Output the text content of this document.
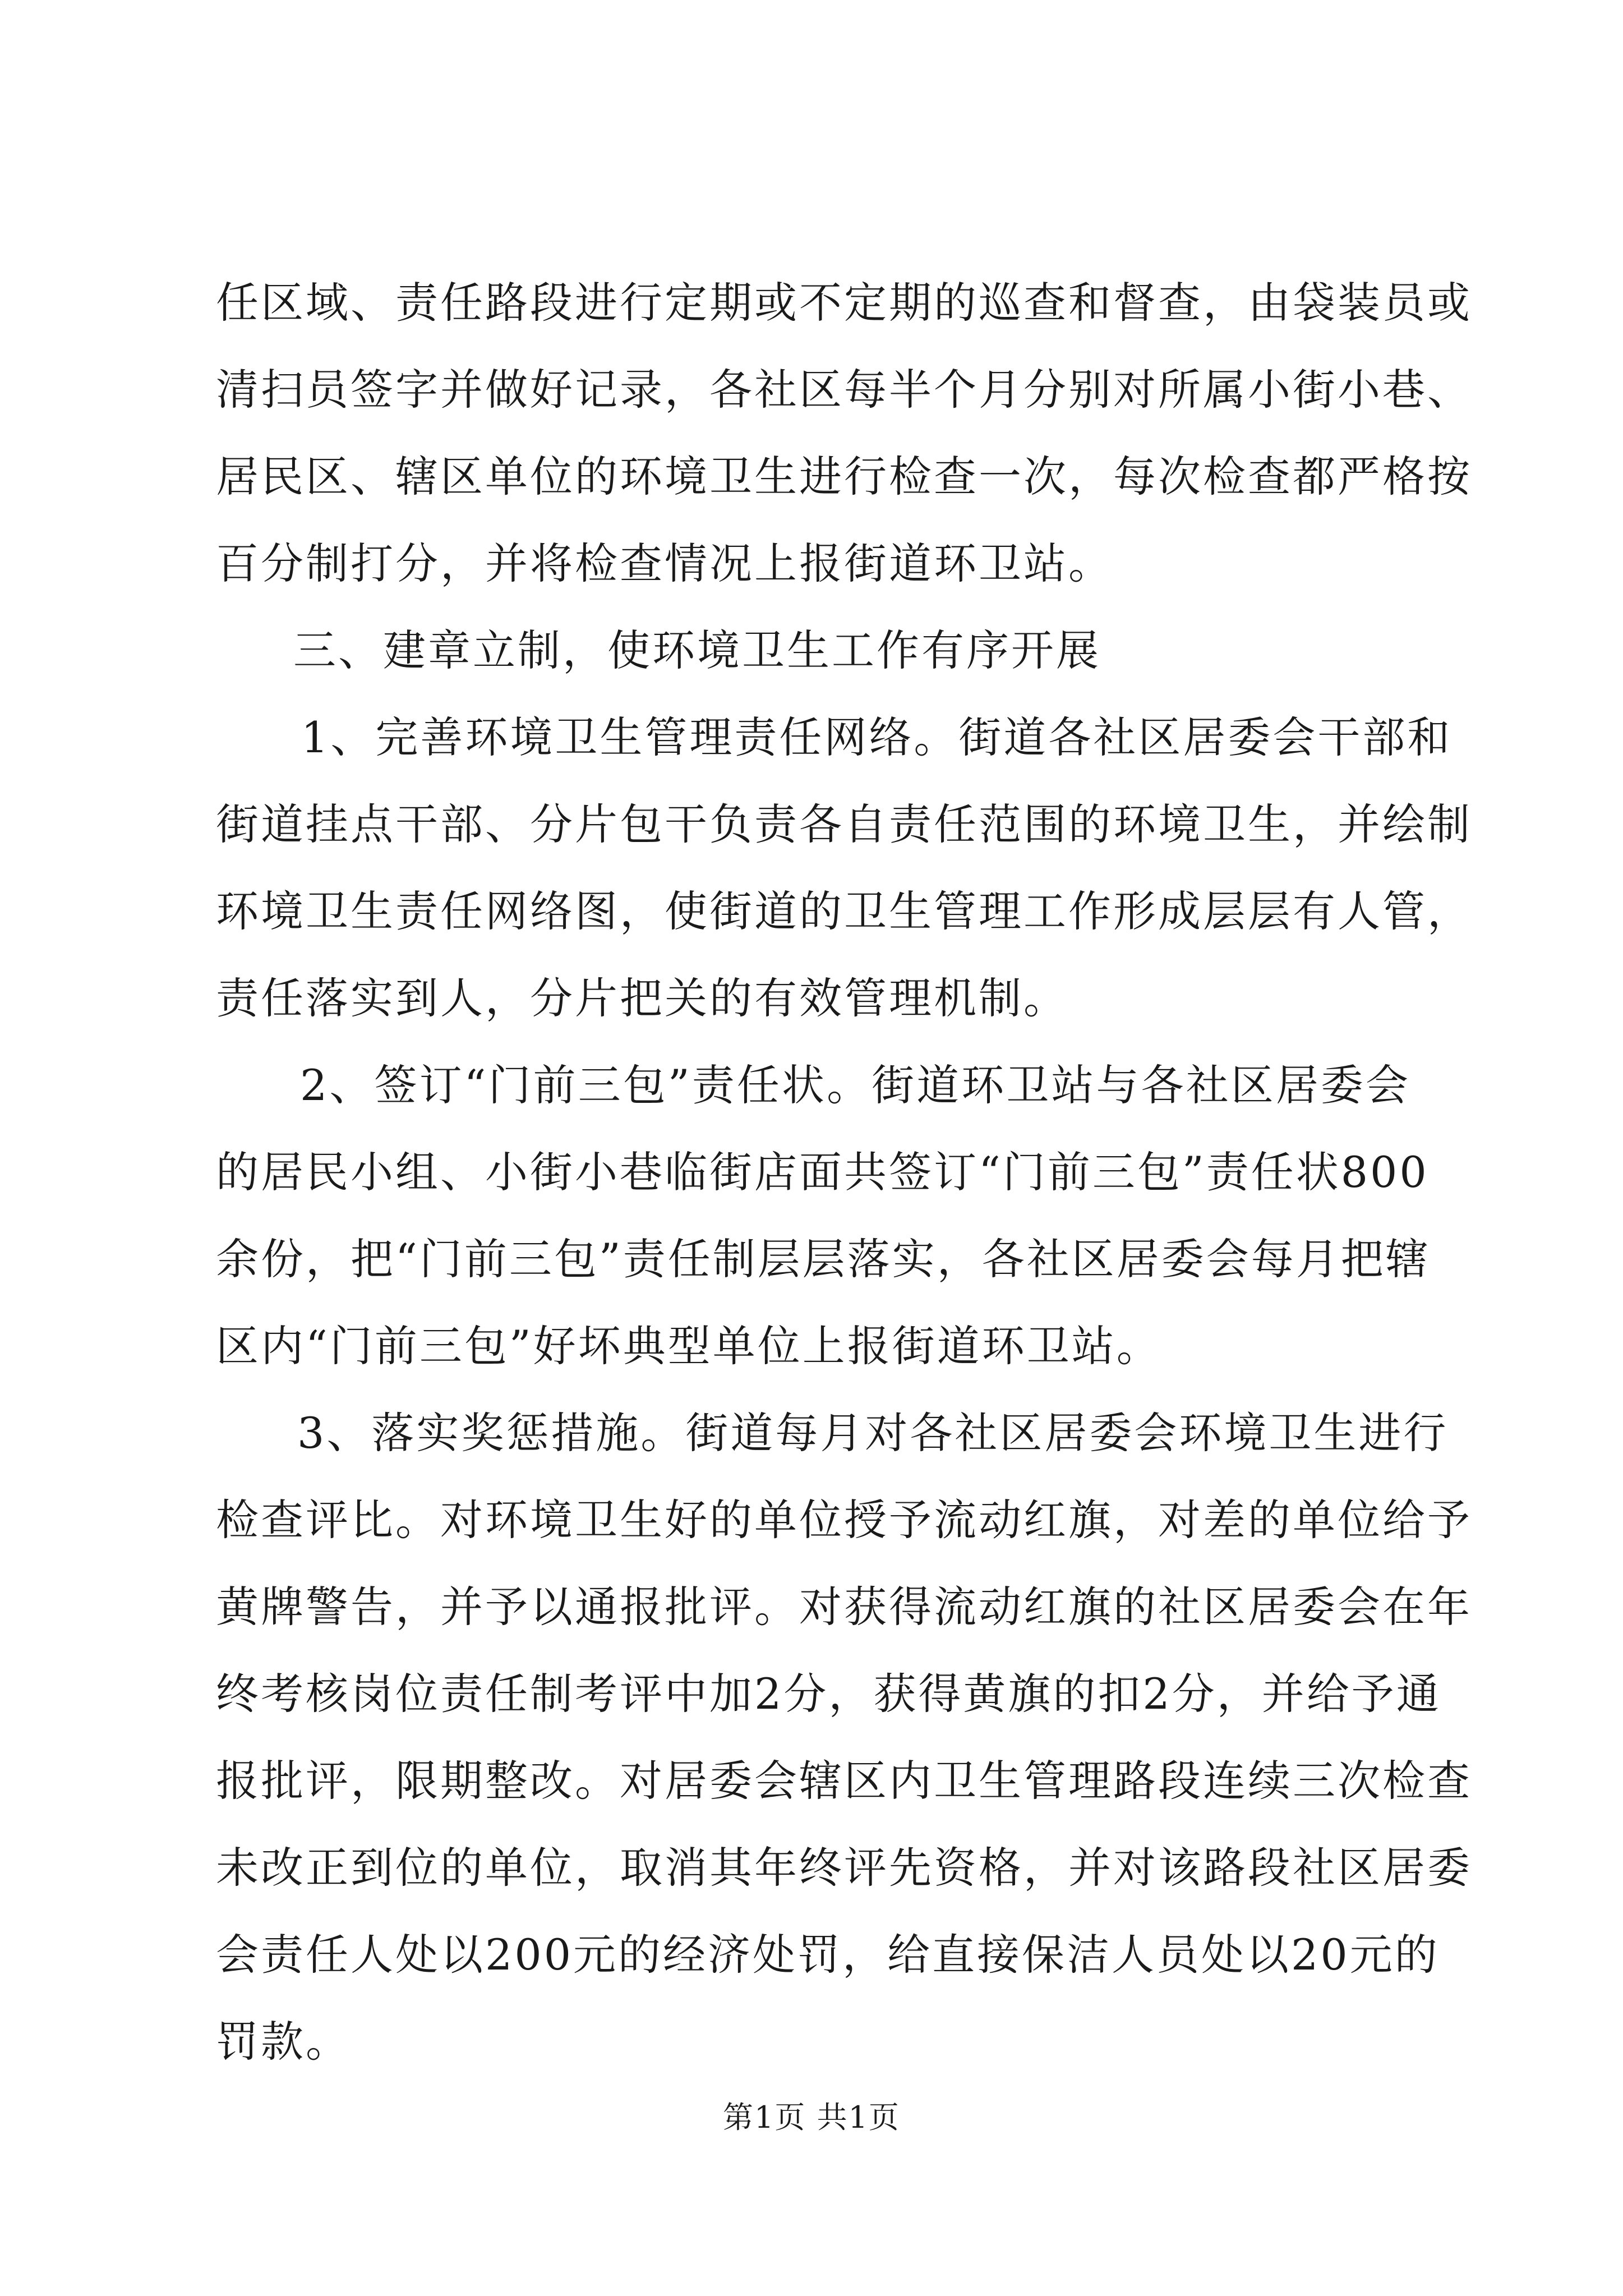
任区域、责任路段进行定期或不定期的巡查和督查，由袋装员或
清扫员签字并做好记录，各社区每半个月分别对所属小街小巷、
居民区、辖区单位的环境卫生进行检查一次，每次检查都严格按
百分制打分，并将检查情况上报街道环卫站。
三、建章立制，使环境卫生工作有序开展
1、完善环境卫生管理责任网络。街道各社区居委会干部和
街道挂点干部、分片包干负责各自责任范围的环境卫生，并绘制
环境卫生责任网络图，使街道的卫生管理工作形成层层有人管，
责任落实到人，分片把关的有效管理机制。
2、签订“门前三包”责任状。街道环卫站与各社区居委会
的居民小组、小街小巷临街店面共签订“门前三包”责任状800
余份，把“门前三包”责任制层层落实，各社区居委会每月把辖
区内“门前三包”好坏典型单位上报街道环卫站。
3、落实奖惩措施。街道每月对各社区居委会环境卫生进行
检查评比。对环境卫生好的单位授予流动红旗，对差的单位给予
黄牌警告，并予以通报批评。对获得流动红旗的社区居委会在年
终考核岗位责任制考评中加2分，获得黄旗的扣2分，并给予通
报批评，限期整改。对居委会辖区内卫生管理路段连续三次检查
未改正到位的单位，取消其年终评先资格，并对该路段社区居委
会责任人处以200元的经济处罚，给直接保洁人员处以20元的
罚款。
第1页 共1页
